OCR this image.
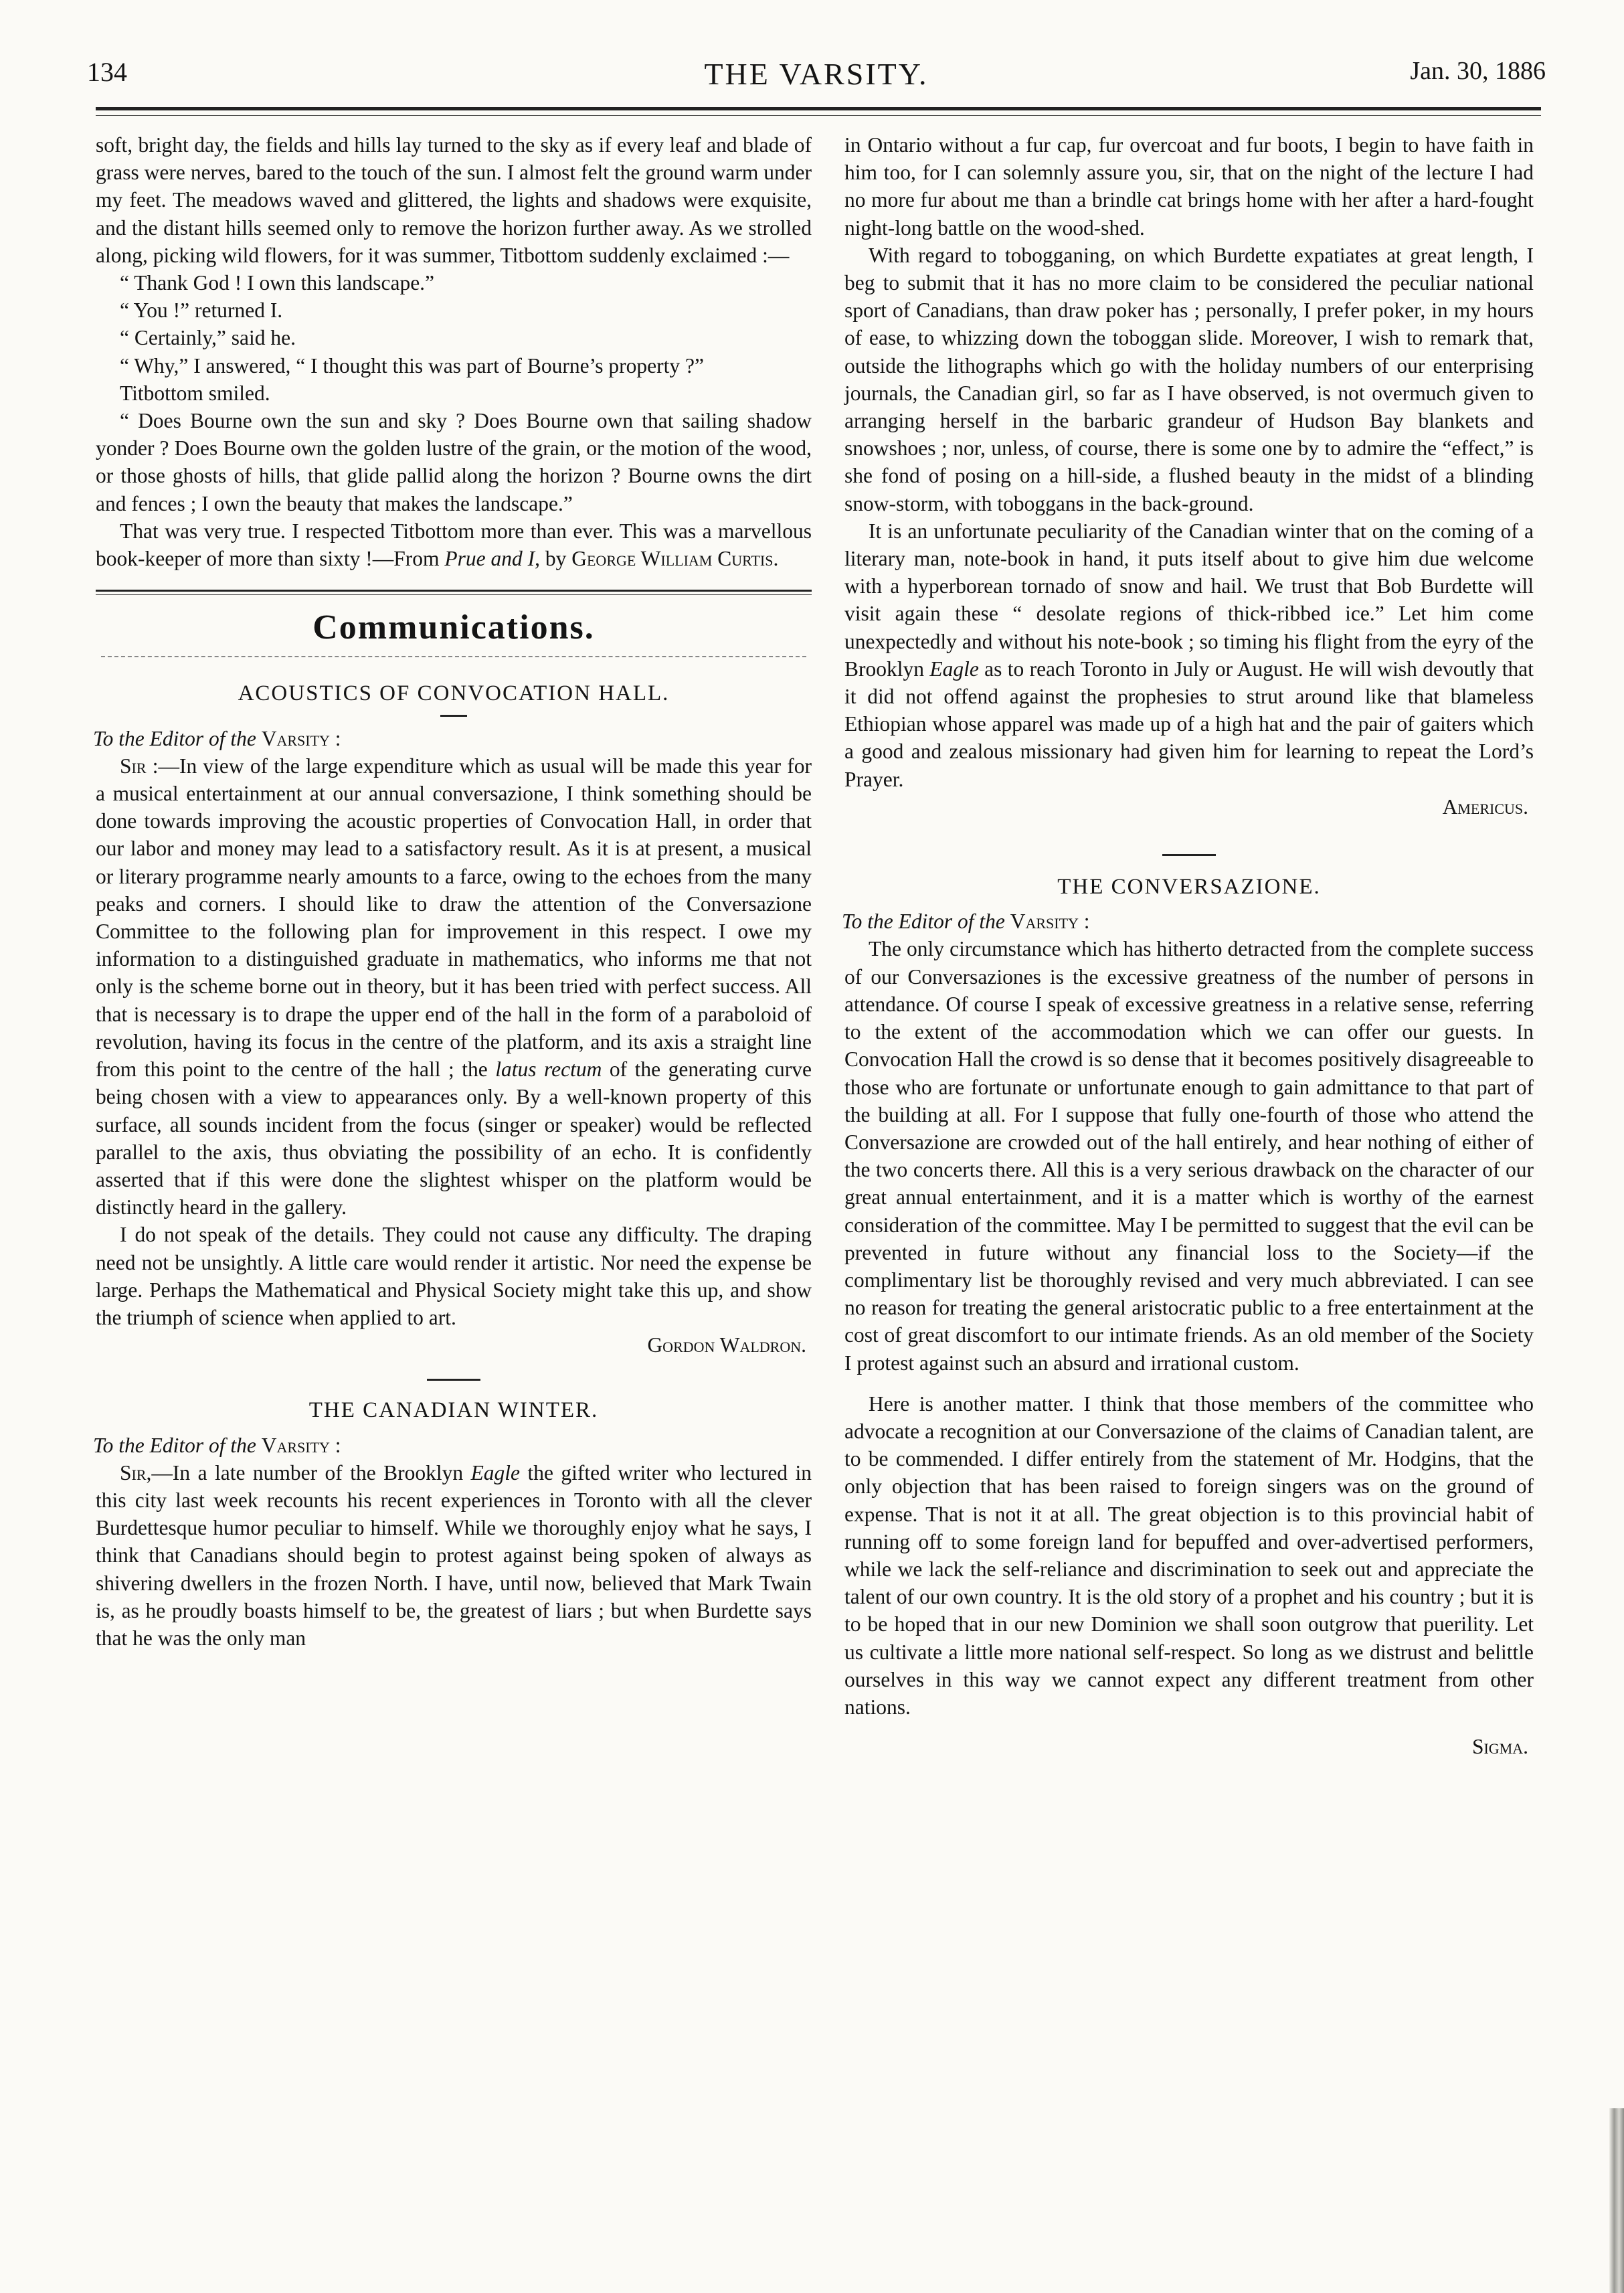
134	THE VARSITY.	Jan. 30, 1886

soft, bright day, the fields and hills lay turned to the sky as if every leaf and blade of grass were nerves, bared to the touch of the sun. I almost felt the ground warm under my feet. The meadows waved and glittered, the lights and shadows were exquisite, and the distant hills seemed only to remove the horizon further away. As we strolled along, picking wild flowers, for it was summer, Titbottom suddenly exclaimed :—

“ Thank God ! I own this landscape.”

“ You !” returned I.

“ Certainly,” said he.

“ Why,” I answered, “ I thought this was part of Bourne’s property ?”

Titbottom smiled.

“ Does Bourne own the sun and sky ? Does Bourne own that sailing shadow yonder ? Does Bourne own the golden lustre of the grain, or the motion of the wood, or those ghosts of hills, that glide pallid along the horizon ? Bourne owns the dirt and fences ; I own the beauty that makes the landscape.”

That was very true. I respected Titbottom more than ever. This was a marvellous book-keeper of more than sixty !—From Prue and I, by George William Curtis.

Communications.
ACOUSTICS OF CONVOCATION HALL.

To the Editor of the Varsity :

Sir :—In view of the large expenditure which as usual will be made this year for a musical entertainment at our annual conversazione, I think something should be done towards improving the acoustic properties of Convocation Hall, in order that our labor and money may lead to a satisfactory result. As it is at present, a musical or literary programme nearly amounts to a farce, owing to the echoes from the many peaks and corners. I should like to draw the attention of the Conversazione Committee to the following plan for improvement in this respect. I owe my information to a distinguished graduate in mathematics, who informs me that not only is the scheme borne out in theory, but it has been tried with perfect success. All that is necessary is to drape the upper end of the hall in the form of a paraboloid of revolution, having its focus in the centre of the platform, and its axis a straight line from this point to the centre of the hall ; the latus rectum of the generating curve being chosen with a view to appearances only. By a well-known property of this surface, all sounds incident from the focus (singer or speaker) would be reflected parallel to the axis, thus obviating the possibility of an echo. It is confidently asserted that if this were done the slightest whisper on the platform would be distinctly heard in the gallery.

I do not speak of the details. They could not cause any difficulty. The draping need not be unsightly. A little care would render it artistic. Nor need the expense be large. Perhaps the Mathematical and Physical Society might take this up, and show the triumph of science when applied to art.

Gordon Waldron.

THE CANADIAN WINTER.

To the Editor of the Varsity :

Sir,—In a late number of the Brooklyn Eagle the gifted writer who lectured in this city last week recounts his recent experiences in Toronto with all the clever Burdettesque humor peculiar to himself. While we thoroughly enjoy what he says, I think that Canadians should begin to protest against being spoken of always as shivering dwellers in the frozen North. I have, until now, believed that Mark Twain is, as he proudly boasts himself to be, the greatest of liars ; but when Burdette says that he was the only man

in Ontario without a fur cap, fur overcoat and fur boots, I begin to have faith in him too, for I can solemnly assure you, sir, that on the night of the lecture I had no more fur about me than a brindle cat brings home with her after a hard-fought night-long battle on the wood-shed.

With regard to tobogganing, on which Burdette expatiates at great length, I beg to submit that it has no more claim to be considered the peculiar national sport of Canadians, than draw poker has ; personally, I prefer poker, in my hours of ease, to whizzing down the toboggan slide. Moreover, I wish to remark that, outside the lithographs which go with the holiday numbers of our enterprising journals, the Canadian girl, so far as I have observed, is not overmuch given to arranging herself in the barbaric grandeur of Hudson Bay blankets and snowshoes ; nor, unless, of course, there is some one by to admire the “effect,” is she fond of posing on a hill-side, a flushed beauty in the midst of a blinding snow-storm, with toboggans in the back-ground.

It is an unfortunate peculiarity of the Canadian winter that on the coming of a literary man, note-book in hand, it puts itself about to give him due welcome with a hyperborean tornado of snow and hail. We trust that Bob Burdette will visit again these “ desolate regions of thick-ribbed ice.” Let him come unexpectedly and without his note-book ; so timing his flight from the eyry of the Brooklyn Eagle as to reach Toronto in July or August. He will wish devoutly that it did not offend against the prophesies to strut around like that blameless Ethiopian whose apparel was made up of a high hat and the pair of gaiters which a good and zealous missionary had given him for learning to repeat the Lord’s Prayer.

Americus.

THE CONVERSAZIONE.

To the Editor of the Varsity :

The only circumstance which has hitherto detracted from the complete success of our Conversaziones is the excessive greatness of the number of persons in attendance. Of course I speak of excessive greatness in a relative sense, referring to the extent of the accommodation which we can offer our guests. In Convocation Hall the crowd is so dense that it becomes positively disagreeable to those who are fortunate or unfortunate enough to gain admittance to that part of the building at all. For I suppose that fully one-fourth of those who attend the Conversazione are crowded out of the hall entirely, and hear nothing of either of the two concerts there. All this is a very serious drawback on the character of our great annual entertainment, and it is a matter which is worthy of the earnest consideration of the committee. May I be permitted to suggest that the evil can be prevented in future without any financial loss to the Society—if the complimentary list be thoroughly revised and very much abbreviated. I can see no reason for treating the general aristocratic public to a free entertainment at the cost of great discomfort to our intimate friends. As an old member of the Society I protest against such an absurd and irrational custom.

Here is another matter. I think that those members of the committee who advocate a recognition at our Conversazione of the claims of Canadian talent, are to be commended. I differ entirely from the statement of Mr. Hodgins, that the only objection that has been raised to foreign singers was on the ground of expense. That is not it at all. The great objection is to this provincial habit of running off to some foreign land for bepuffed and over-advertised performers, while we lack the self-reliance and discrimination to seek out and appreciate the talent of our own country. It is the old story of a prophet and his country ; but it is to be hoped that in our new Dominion we shall soon outgrow that puerility. Let us cultivate a little more national self-respect. So long as we distrust and belittle ourselves in this way we cannot expect any different treatment from other nations.

Sigma.
